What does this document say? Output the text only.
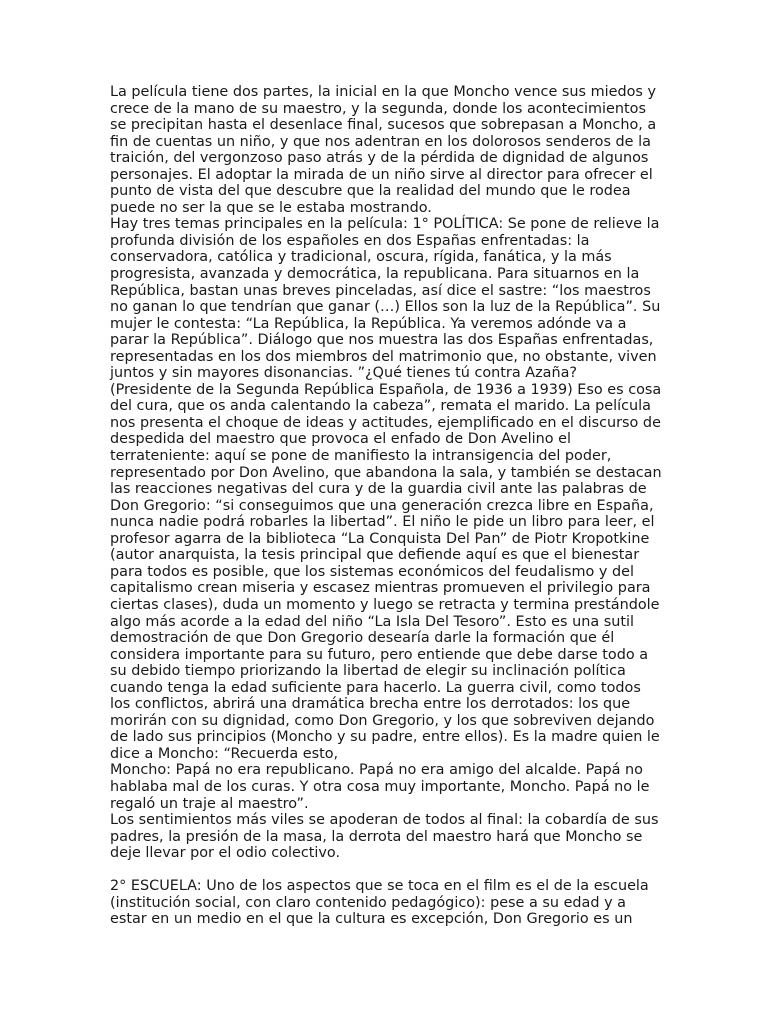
La película tiene dos partes, la inicial en la que Moncho vence sus miedos y crece de la mano de su maestro, y la segunda, donde los acontecimientos se precipitan hasta el desenlace final, sucesos que sobrepasan a Moncho, a fin de cuentas un niño, y que nos adentran en los dolorosos senderos de la traición, del vergonzoso paso atrás y de la pérdida de dignidad de algunos personajes. El adoptar la mirada de un niño sirve al director para ofrecer el punto de vista del que descubre que la realidad del mundo que le rodea puede no ser la que se le estaba mostrando.

Hay tres temas principales en la película: 1° POLÍTICA: Se pone de relieve la profunda división de los españoles en dos Españas enfrentadas: la conservadora, católica y tradicional, oscura, rígida, fanática, y la más progresista, avanzada y democrática, la republicana. Para situarnos en la República, bastan unas breves pinceladas, así dice el sastre: “los maestros no ganan lo que tendrían que ganar (…) Ellos son la luz de la República”. Su mujer le contesta: “La República, la República. Ya veremos adónde va a parar la República”. Diálogo que nos muestra las dos Españas enfrentadas, representadas en los dos miembros del matrimonio que, no obstante, viven juntos y sin mayores disonancias. ”¿Qué tienes tú contra Azaña? (Presidente de la Segunda República Española, de 1936 a 1939) Eso es cosa del cura, que os anda calentando la cabeza”, remata el marido. La película nos presenta el choque de ideas y actitudes, ejemplificado en el discurso de despedida del maestro que provoca el enfado de Don Avelino el terrateniente: aquí se pone de manifiesto la intransigencia del poder, representado por Don Avelino, que abandona la sala, y también se destacan las reacciones negativas del cura y de la guardia civil ante las palabras de Don Gregorio: “si conseguimos que una generación crezca libre en España, nunca nadie podrá robarles la libertad”. El niño le pide un libro para leer, el profesor agarra de la biblioteca “La Conquista Del Pan” de Piotr Kropotkine (autor anarquista, la tesis principal que defiende aquí es que el bienestar para todos es posible, que los sistemas económicos del feudalismo y del capitalismo crean miseria y escasez mientras promueven el privilegio para ciertas clases), duda un momento y luego se retracta y termina prestándole algo más acorde a la edad del niño “La Isla Del Tesoro”. Esto es una sutil demostración de que Don Gregorio desearía darle la formación que él considera importante para su futuro, pero entiende que debe darse todo a su debido tiempo priorizando la libertad de elegir su inclinación política cuando tenga la edad suficiente para hacerlo. La guerra civil, como todos los conflictos, abrirá una dramática brecha entre los derrotados: los que morirán con su dignidad, como Don Gregorio, y los que sobreviven dejando de lado sus principios (Moncho y su padre, entre ellos). Es la madre quien le dice a Moncho: “Recuerda esto,

Moncho: Papá no era republicano. Papá no era amigo del alcalde. Papá no hablaba mal de los curas. Y otra cosa muy importante, Moncho. Papá no le regaló un traje al maestro”.

Los sentimientos más viles se apoderan de todos al final: la cobardía de sus padres, la presión de la masa, la derrota del maestro hará que Moncho se deje llevar por el odio colectivo.

2° ESCUELA: Uno de los aspectos que se toca en el film es el de la escuela (institución social, con claro contenido pedagógico): pese a su edad y a estar en un medio en el que la cultura es excepción, Don Gregorio es un
